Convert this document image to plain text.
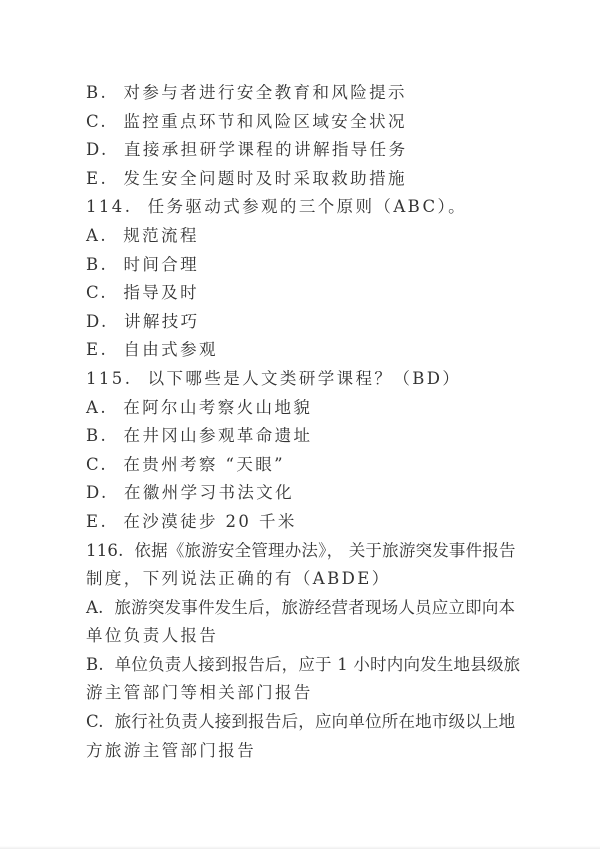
B.  对参与者进行安全教育和风险提示
C.  监控重点环节和风险区域安全状况
D.  直接承担研学课程的讲解指导任务
E.  发生安全问题时及时采取救助措施
114.  任务驱动式参观的三个原则（ABC）。
A.  规范流程
B.  时间合理
C.  指导及时
D.  讲解技巧
E.  自由式参观
115.  以下哪些是人文类研学课程？（BD）
A.  在阿尔山考察火山地貌
B.  在井冈山参观革命遗址
C.  在贵州考察 “天眼”
D.  在徽州学习书法文化
E.  在沙漠徒步 20 千米
116.  依据《旅游安全管理办法》， 关于旅游突发事件报告
制度，下列说法正确的有（ABDE）
A.  旅游突发事件发生后，旅游经营者现场人员应立即向本
单位负责人报告
B.  单位负责人接到报告后，应于 1 小时内向发生地县级旅
游主管部门等相关部门报告
C.  旅行社负责人接到报告后，应向单位所在地市级以上地
方旅游主管部门报告
